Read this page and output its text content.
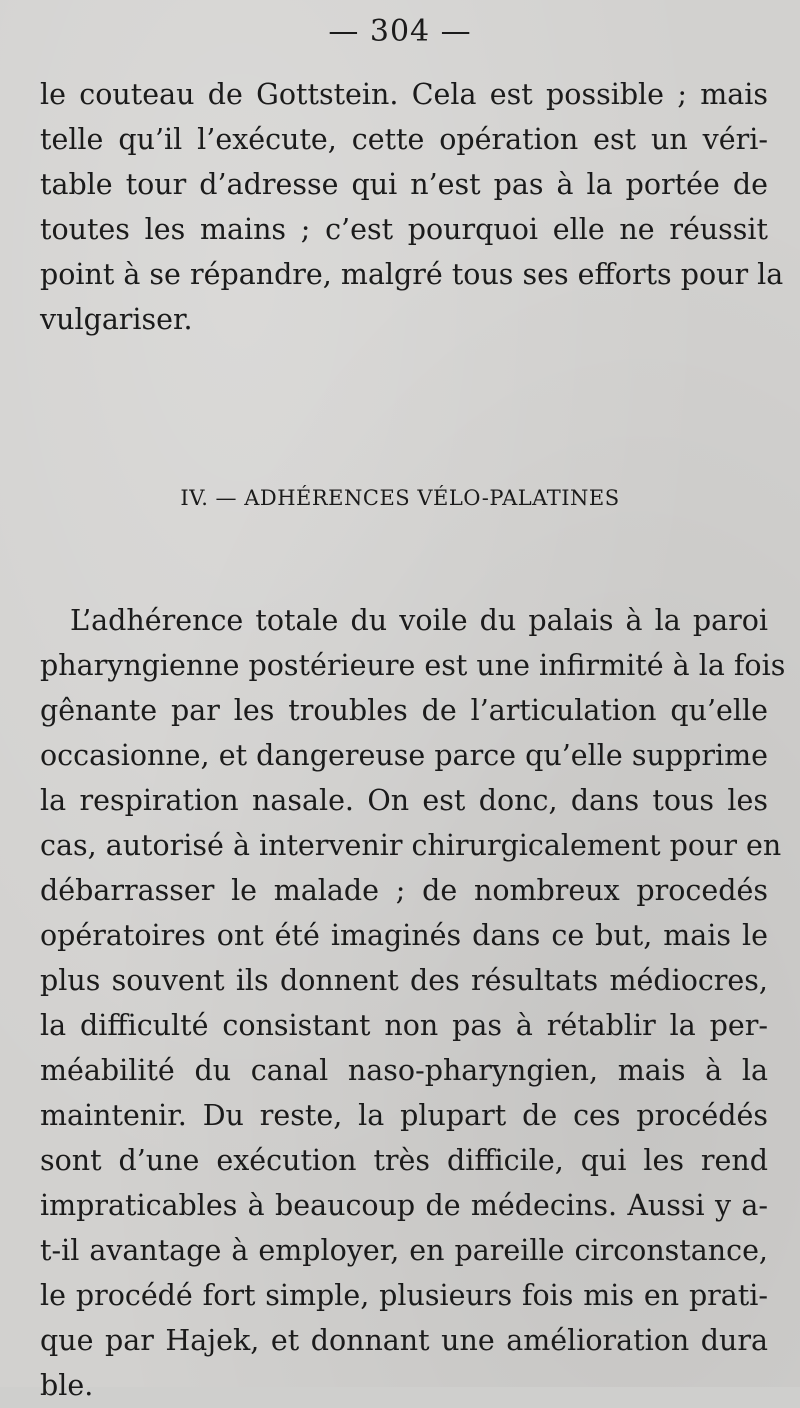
— 304 —
le couteau de Gottstein. Cela est possible ; mais
telle qu’il l’exécute, cette opération est un véri-
table tour d’adresse qui n’est pas à la portée de
toutes les mains ; c’est pourquoi elle ne réussit
point à se répandre, malgré tous ses efforts pour la
vulgariser.
IV. — ADHÉRENCES VÉLO-PALATINES
L’adhérence totale du voile du palais à la paroi
pharyngienne postérieure est une infirmité à la fois
gênante par les troubles de l’articulation qu’elle
occasionne, et dangereuse parce qu’elle supprime
la respiration nasale. On est donc, dans tous les
cas, autorisé à intervenir chirurgicalement pour en
débarrasser le malade ; de nombreux procedés
opératoires ont été imaginés dans ce but, mais le
plus souvent ils donnent des résultats médiocres,
la difficulté consistant non pas à rétablir la per-
méabilité du canal naso-pharyngien, mais à la
maintenir. Du reste, la plupart de ces procédés
sont d’une exécution très difficile, qui les rend
impraticables à beaucoup de médecins. Aussi y a-
t-il avantage à employer, en pareille circonstance,
le procédé fort simple, plusieurs fois mis en prati-
que par Hajek, et donnant une amélioration dura
ble.
